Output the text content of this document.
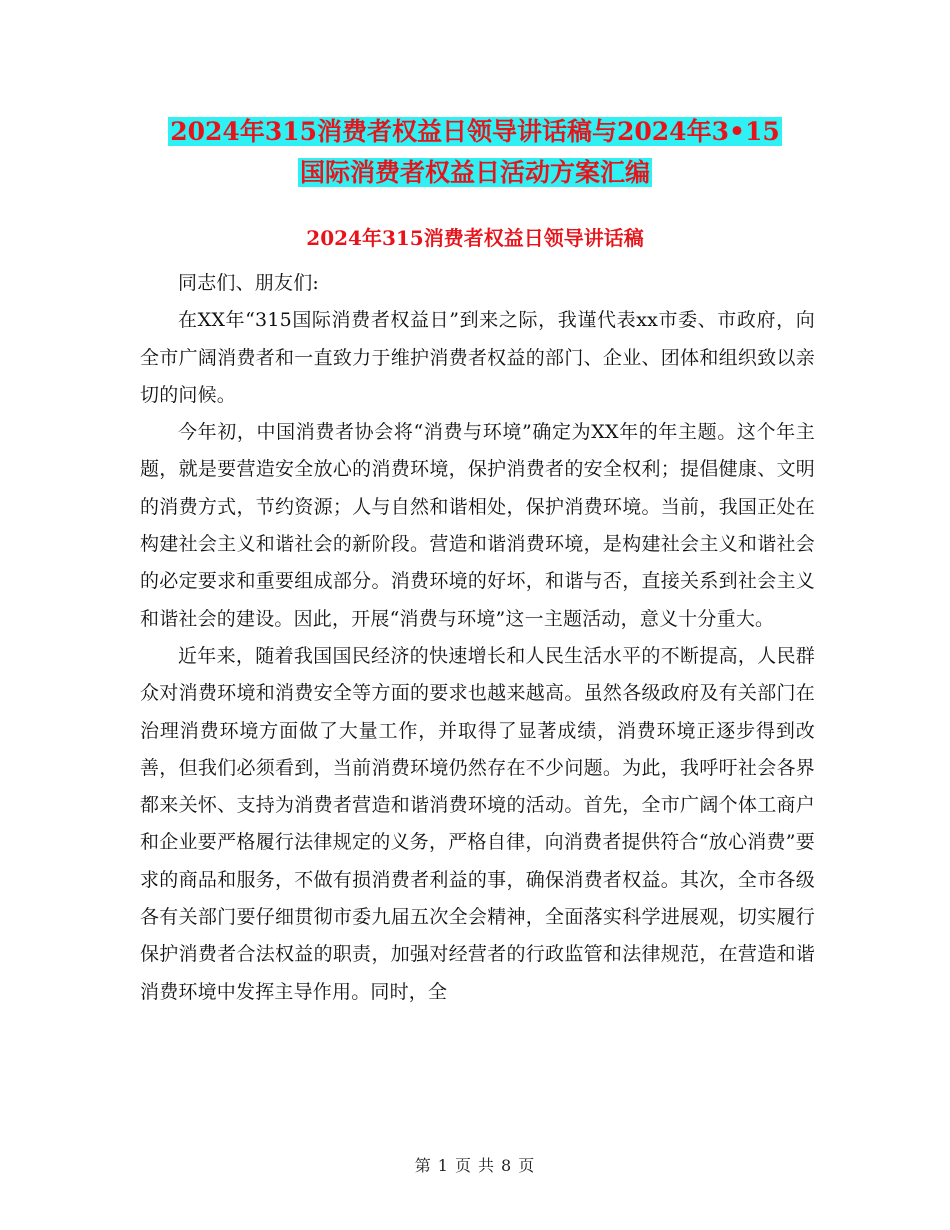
2024年315消费者权益日领导讲话稿与2024年3•15
国际消费者权益日活动方案汇编
2024年315消费者权益日领导讲话稿

同志们、朋友们:

在XX年“315国际消费者权益日”到来之际，我谨代表xx市委、市政府，向全市广阔消费者和一直致力于维护消费者权益的部门、企业、团体和组织致以亲切的问候。

今年初，中国消费者协会将“消费与环境”确定为XX年的年主题。这个年主题，就是要营造安全放心的消费环境，保护消费者的安全权利；提倡健康、文明的消费方式，节约资源；人与自然和谐相处，保护消费环境。当前，我国正处在构建社会主义和谐社会的新阶段。营造和谐消费环境，是构建社会主义和谐社会的必定要求和重要组成部分。消费环境的好坏，和谐与否，直接关系到社会主义和谐社会的建设。因此，开展“消费与环境”这一主题活动，意义十分重大。

近年来，随着我国国民经济的快速增长和人民生活水平的不断提高，人民群众对消费环境和消费安全等方面的要求也越来越高。虽然各级政府及有关部门在治理消费环境方面做了大量工作，并取得了显著成绩，消费环境正逐步得到改善，但我们必须看到，当前消费环境仍然存在不少问题。为此，我呼吁社会各界都来关怀、支持为消费者营造和谐消费环境的活动。首先，全市广阔个体工商户和企业要严格履行法律规定的义务，严格自律，向消费者提供符合“放心消费”要求的商品和服务，不做有损消费者利益的事，确保消费者权益。其次，全市各级各有关部门要仔细贯彻市委九届五次全会精神，全面落实科学进展观，切实履行保护消费者合法权益的职责，加强对经营者的行政监管和法律规范，在营造和谐消费环境中发挥主导作用。同时，全

第 1 页 共 8 页
